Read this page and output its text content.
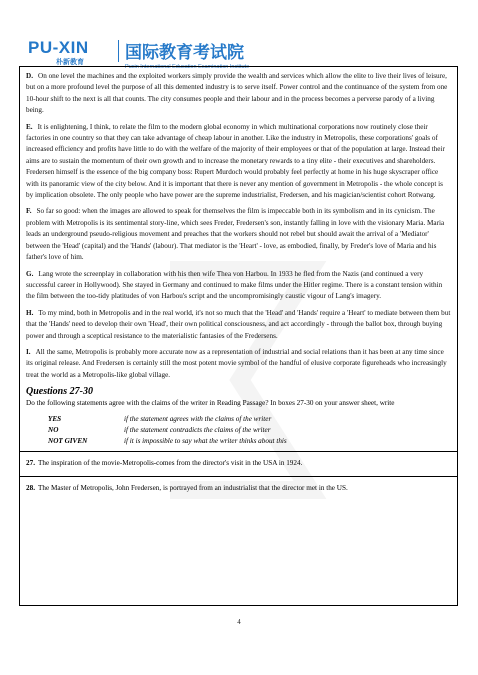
PU-XIN
朴新教育 国际教育考试院
Puxin International Education Examination Institute

D. On one level the machines and the exploited workers simply provide the wealth and services which allow the elite to live their lives of leisure, but on a more profound level the purpose of all this demented industry is to serve itself. Power control and the continuance of the system from one 10-hour shift to the next is all that counts. The city consumes people and their labour and in the process becomes a perverse parody of a living being.

E. It is enlightening, I think, to relate the film to the modern global economy in which multinational corporations now routinely close their factories in one country so that they can take advantage of cheap labour in another. Like the industry in Metropolis, these corporations' goals of increased efficiency and profits have little to do with the welfare of the majority of their employees or that of the population at large. Instead their aims are to sustain the momentum of their own growth and to increase the monetary rewards to a tiny elite - their executives and shareholders. Fredersen himself is the essence of the big company boss: Rupert Murdoch would probably feel perfectly at home in his huge skyscraper office with its panoramic view of the city below. And it is important that there is never any mention of government in Metropolis - the whole concept is by implication obsolete. The only people who have power are the supreme industrialist, Fredersen, and his magician/scientist cohort Rotwang.

F. So far so good: when the images are allowed to speak for themselves the film is impeccable both in its symbolism and in its cynicism. The problem with Metropolis is its sentimental story-line, which sees Freder, Fredersen's son, instantly falling in love with the visionary Maria. Maria leads an underground pseudo-religious movement and preaches that the workers should not rebel but should await the arrival of a 'Mediator' between the 'Head' (capital) and the 'Hands' (labour). That mediator is the 'Heart' - love, as embodied, finally, by Freder's love of Maria and his father's love of him.

G. Lang wrote the screenplay in collaboration with his then wife Thea von Harbou. In 1933 he fled from the Nazis (and continued a very successful career in Hollywood). She stayed in Germany and continued to make films under the Hitler regime. There is a constant tension within the film between the too-tidy platitudes of von Harbou's script and the uncompromisingly caustic vigour of Lang's imagery.

H. To my mind, both in Metropolis and in the real world, it's not so much that the 'Head' and 'Hands' require a 'Heart' to mediate between them but that the 'Hands' need to develop their own 'Head', their own political consciousness, and act accordingly - through the ballot box, through buying power and through a sceptical resistance to the materialistic fantasies of the Fredersens.

I. All the same, Metropolis is probably more accurate now as a representation of industrial and social relations than it has been at any time since its original release. And Fredersen is certainly still the most potent movie symbol of the handful of elusive corporate figureheads who increasingly treat the world as a Metropolis-like global village.

Questions 27-30

Do the following statements agree with the claims of the writer in Reading Passage? In boxes 27-30 on your answer sheet, write

YES	if the statement agrees with the claims of the writer
NO	if the statement contradicts the claims of the writer
NOT GIVEN	if it is impossible to say what the writer thinks about this

27. The inspiration of the movie-Metropolis-comes from the director's visit in the USA in 1924.

28. The Master of Metropolis, John Fredersen, is portrayed from an industrialist that the director met in the US.

4
